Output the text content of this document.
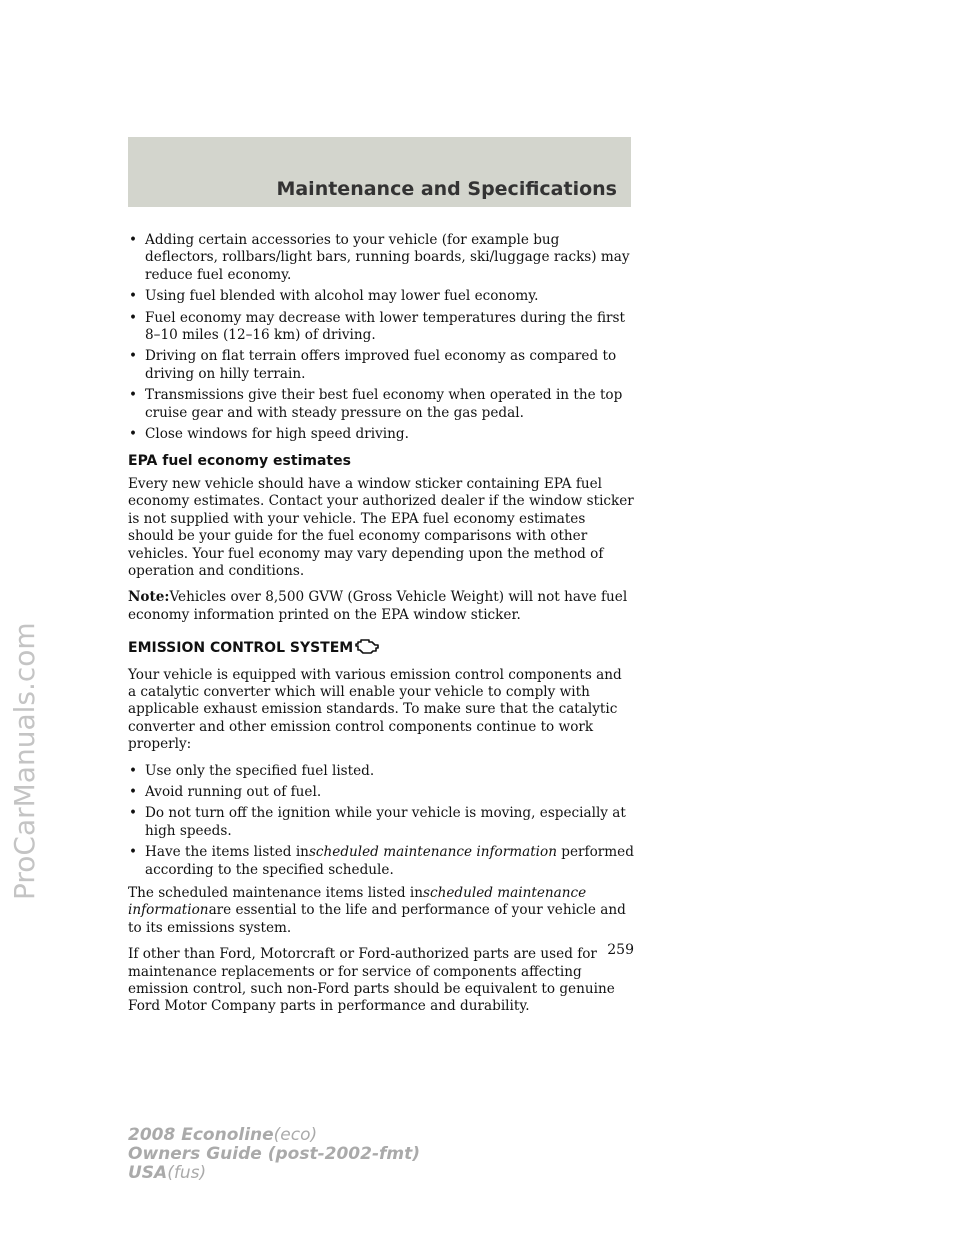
Maintenance and Specifications
ProCarManuals.com
• Adding certain accessories to your vehicle (for example bug deflectors, rollbars/light bars, running boards, ski/luggage racks) may reduce fuel economy.
• Using fuel blended with alcohol may lower fuel economy.
• Fuel economy may decrease with lower temperatures during the first 8–10 miles (12–16 km) of driving.
• Driving on flat terrain offers improved fuel economy as compared to driving on hilly terrain.
• Transmissions give their best fuel economy when operated in the top cruise gear and with steady pressure on the gas pedal.
• Close windows for high speed driving.
EPA fuel economy estimates

Every new vehicle should have a window sticker containing EPA fuel economy estimates. Contact your authorized dealer if the window sticker is not supplied with your vehicle. The EPA fuel economy estimates should be your guide for the fuel economy comparisons with other vehicles. Your fuel economy may vary depending upon the method of operation and conditions.

Note:Vehicles over 8,500 GVW (Gross Vehicle Weight) will not have fuel economy information printed on the EPA window sticker.

EMISSION CONTROL SYSTEM

Your vehicle is equipped with various emission control components and a catalytic converter which will enable your vehicle to comply with applicable exhaust emission standards. To make sure that the catalytic converter and other emission control components continue to work properly:

• Use only the specified fuel listed.
• Avoid running out of fuel.
• Do not turn off the ignition while your vehicle is moving, especially at high speeds.
• Have the items listed inscheduled maintenance information performed according to the specified schedule.

The scheduled maintenance items listed inscheduled maintenance informationare essential to the life and performance of your vehicle and to its emissions system.

If other than Ford, Motorcraft or Ford-authorized parts are used for maintenance replacements or for service of components affecting emission control, such non-Ford parts should be equivalent to genuine Ford Motor Company parts in performance and durability.

259
2008 Econoline(eco)
Owners Guide (post-2002-fmt)
USA(fus)
